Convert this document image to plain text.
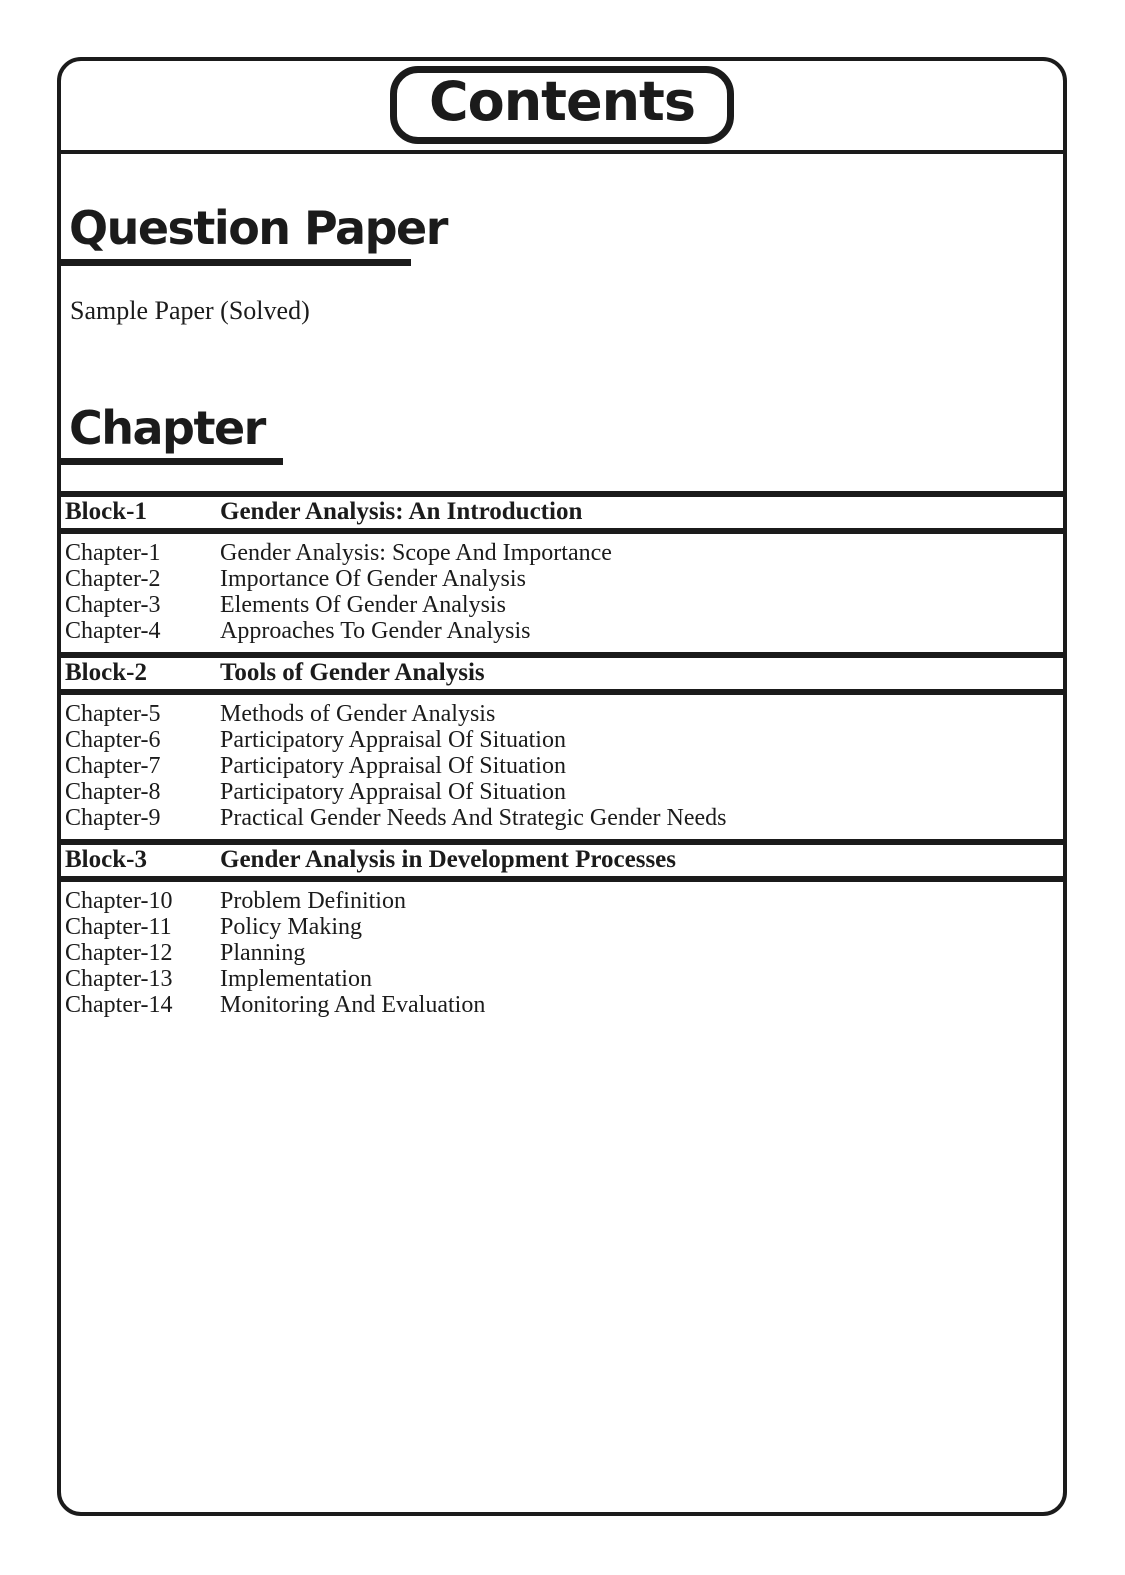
Contents
Question Paper

Sample Paper (Solved)

Chapter
Block-1	Gender Analysis: An Introduction
Chapter-1	Gender Analysis: Scope And Importance
Chapter-2	Importance Of Gender Analysis
Chapter-3	Elements Of Gender Analysis
Chapter-4	Approaches To Gender Analysis
Block-2	Tools of Gender Analysis
Chapter-5	Methods of Gender Analysis
Chapter-6	Participatory Appraisal Of Situation
Chapter-7	Participatory Appraisal Of Situation
Chapter-8	Participatory Appraisal Of Situation
Chapter-9	Practical Gender Needs And Strategic Gender Needs
Block-3	Gender Analysis in Development Processes
Chapter-10	Problem Definition
Chapter-11	Policy Making
Chapter-12	Planning
Chapter-13	Implementation
Chapter-14	Monitoring And Evaluation
